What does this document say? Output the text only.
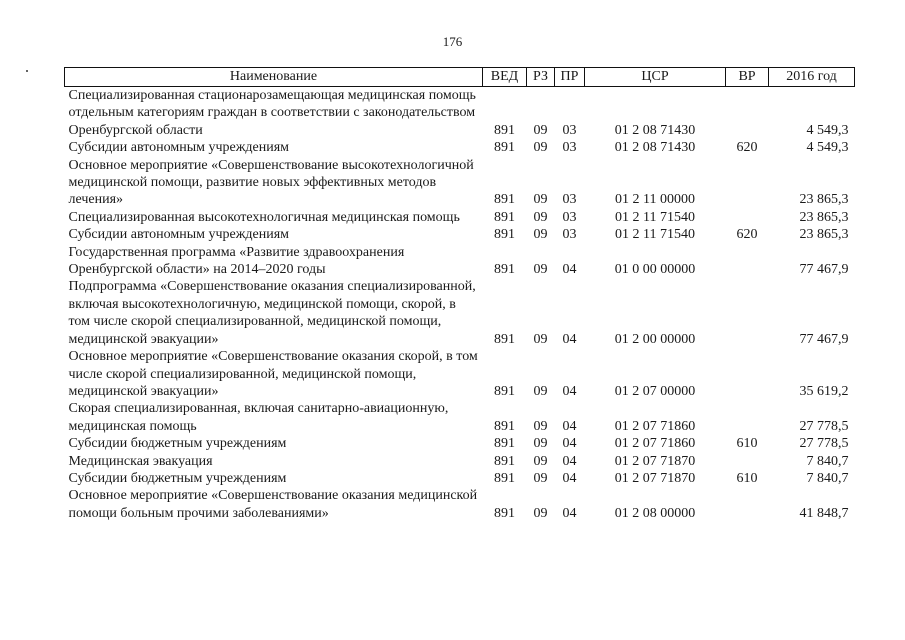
176
Наименование	ВЕД	РЗ	ПР	ЦСР	ВР	2016 год
Специализированная стационарозамещающая медицинская помощь отдельным категориям граждан в соответствии с законодательством Оренбургской области	891	09	03	01 2 08 71430		4 549,3
Субсидии автономным учреждениям	891	09	03	01 2 08 71430	620	4 549,3
Основное мероприятие «Совершенствование высокотехнологичной медицинской помощи, развитие новых эффективных методов лечения»	891	09	03	01 2 11 00000		23 865,3
Специализированная высокотехнологичная медицинская помощь	891	09	03	01 2 11 71540		23 865,3
Субсидии автономным учреждениям	891	09	03	01 2 11 71540	620	23 865,3
Государственная программа «Развитие здравоохранения Оренбургской области» на 2014–2020 годы	891	09	04	01 0 00 00000		77 467,9
Подпрограмма «Совершенствование оказания специализированной, включая высокотехнологичную, медицинской помощи, скорой, в том числе скорой специализированной, медицинской помощи, медицинской эвакуации»	891	09	04	01 2 00 00000		77 467,9
Основное мероприятие «Совершенствование оказания скорой, в том числе скорой специализированной, медицинской помощи, медицинской эвакуации»	891	09	04	01 2 07 00000		35 619,2
Скорая специализированная, включая санитарно-авиационную, медицинская помощь	891	09	04	01 2 07 71860		27 778,5
Субсидии бюджетным учреждениям	891	09	04	01 2 07 71860	610	27 778,5
Медицинская эвакуация	891	09	04	01 2 07 71870		7 840,7
Субсидии бюджетным учреждениям	891	09	04	01 2 07 71870	610	7 840,7
Основное мероприятие «Совершенствование оказания медицинской помощи больным прочими заболеваниями»	891	09	04	01 2 08 00000		41 848,7
